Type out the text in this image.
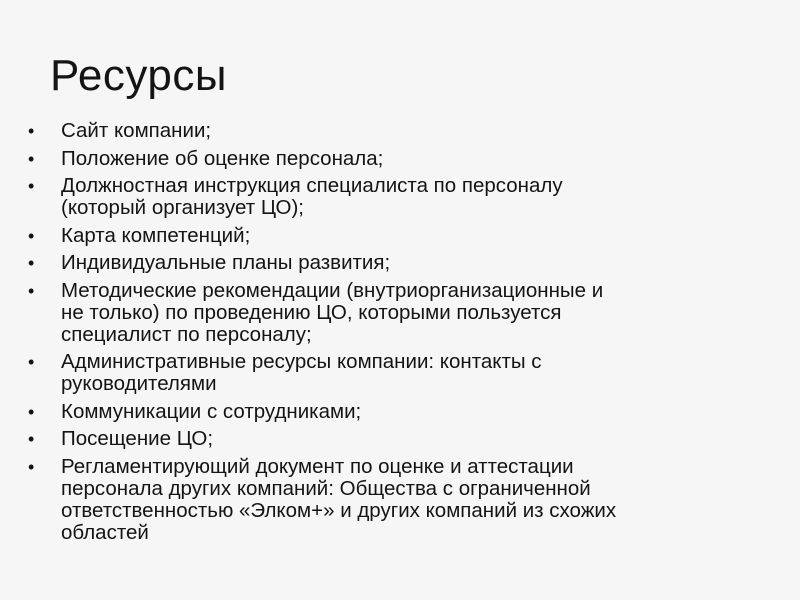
Ресурсы
•	Сайт компании;
•	Положение об оценке персонала;
•	Должностная инструкция специалиста по персоналу
(который организует ЦО);
•	Карта компетенций;
•	Индивидуальные планы развития;
•	Методические рекомендации (внутриорганизационные и
не только) по проведению ЦО, которыми пользуется
специалист по персоналу;
•	Административные ресурсы компании: контакты с
руководителями
•	Коммуникации с сотрудниками;
•	Посещение ЦО;
•	Регламентирующий документ по оценке и аттестации
персонала других компаний: Общества с ограниченной
ответственностью «Элком+» и других компаний из схожих
областей
